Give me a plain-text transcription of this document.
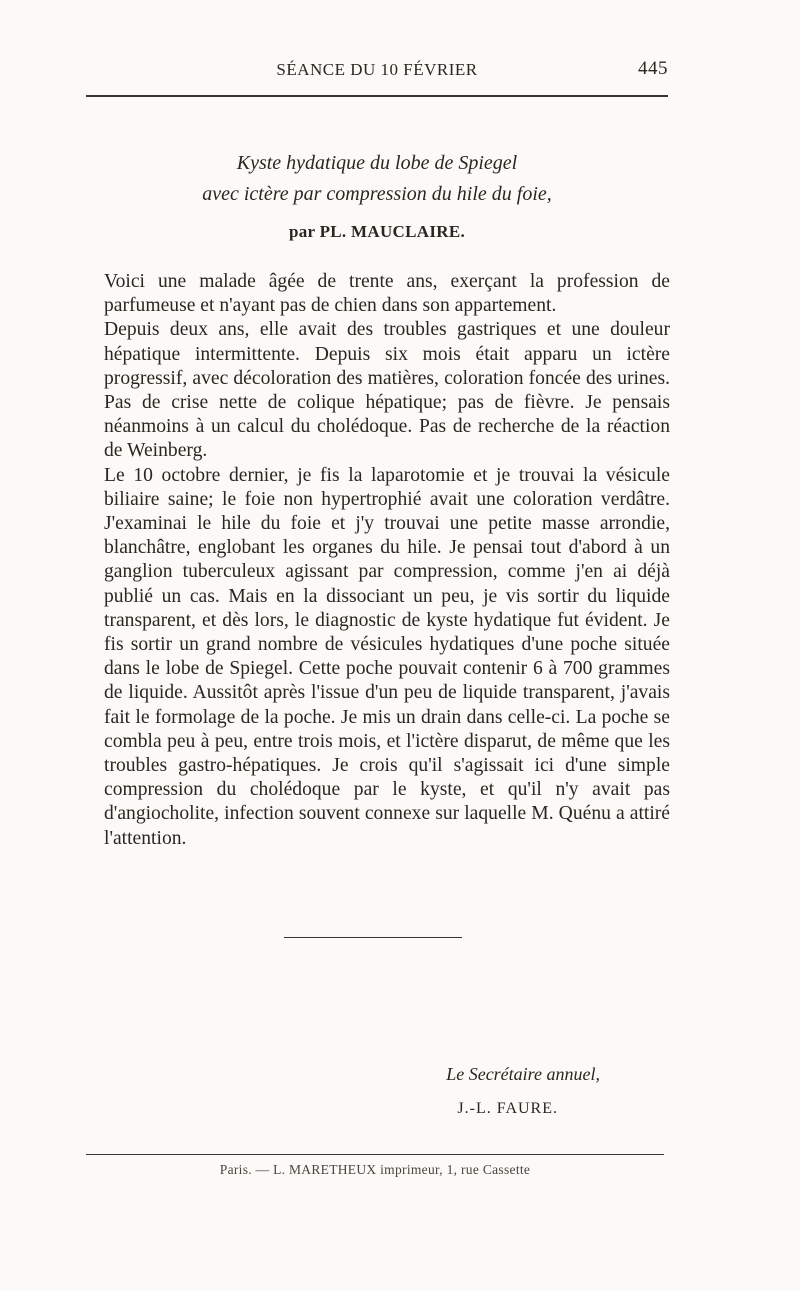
SÉANCE DU 10 FÉVRIER	445
Kyste hydatique du lobe de Spiegel
avec ictère par compression du hile du foie,
par PL. MAUCLAIRE.

Voici une malade âgée de trente ans, exerçant la profession de parfumeuse et n'ayant pas de chien dans son appartement.

Depuis deux ans, elle avait des troubles gastriques et une douleur hépatique intermittente. Depuis six mois était apparu un ictère progressif, avec décoloration des matières, coloration foncée des urines. Pas de crise nette de colique hépatique; pas de fièvre. Je pensais néanmoins à un calcul du cholédoque. Pas de recherche de la réaction de Weinberg.

Le 10 octobre dernier, je fis la laparotomie et je trouvai la vésicule biliaire saine; le foie non hypertrophié avait une coloration verdâtre. J'examinai le hile du foie et j'y trouvai une petite masse arrondie, blanchâtre, englobant les organes du hile. Je pensai tout d'abord à un ganglion tuberculeux agissant par compression, comme j'en ai déjà publié un cas. Mais en la dissociant un peu, je vis sortir du liquide transparent, et dès lors, le diagnostic de kyste hydatique fut évident. Je fis sortir un grand nombre de vésicules hydatiques d'une poche située dans le lobe de Spiegel. Cette poche pouvait contenir 6 à 700 grammes de liquide. Aussitôt après l'issue d'un peu de liquide transparent, j'avais fait le formolage de la poche. Je mis un drain dans celle-ci. La poche se combla peu à peu, entre trois mois, et l'ictère disparut, de même que les troubles gastro-hépatiques. Je crois qu'il s'agissait ici d'une simple compression du cholédoque par le kyste, et qu'il n'y avait pas d'angiocholite, infection souvent connexe sur laquelle M. Quénu a attiré l'attention.

Le Secrétaire annuel,
J.-L. FAURE.
Paris. — L. MARETHEUX imprimeur, 1, rue Cassette
